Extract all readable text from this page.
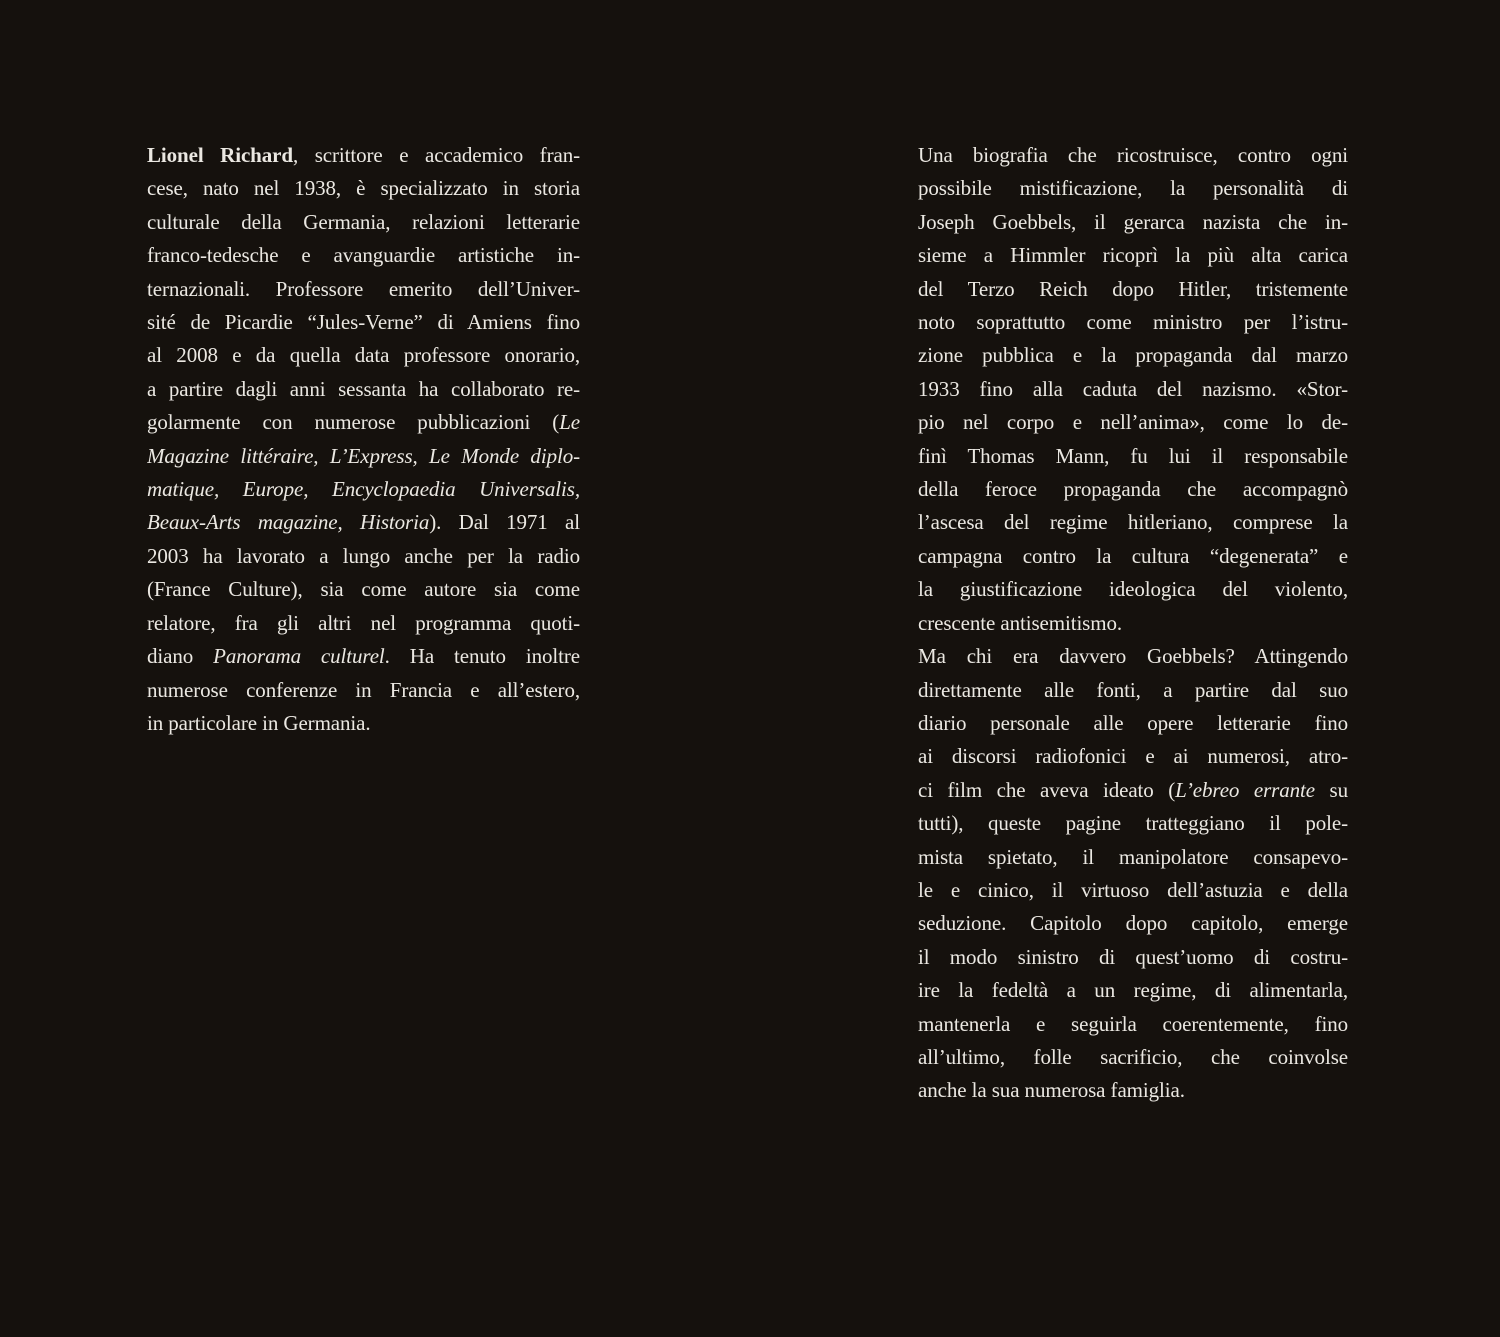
Lionel Richard, scrittore e accademico fran-
cese, nato nel 1938, è specializzato in storia
culturale della Germania, relazioni letterarie
franco-tedesche e avanguardie artistiche in-
ternazionali. Professore emerito dell’Univer-
sité de Picardie “Jules-Verne” di Amiens fino
al 2008 e da quella data professore onorario,
a partire dagli anni sessanta ha collaborato re-
golarmente con numerose pubblicazioni (Le
Magazine littéraire, L’Express, Le Monde diplo-
matique, Europe, Encyclopaedia Universalis,
Beaux-Arts magazine, Historia). Dal 1971 al
2003 ha lavorato a lungo anche per la radio
(France Culture), sia come autore sia come
relatore, fra gli altri nel programma quoti-
diano Panorama culturel. Ha tenuto inoltre
numerose conferenze in Francia e all’estero,
in particolare in Germania.
Una biografia che ricostruisce, contro ogni
possibile mistificazione, la personalità di
Joseph Goebbels, il gerarca nazista che in-
sieme a Himmler ricoprì la più alta carica
del Terzo Reich dopo Hitler, tristemente
noto soprattutto come ministro per l’istru-
zione pubblica e la propaganda dal marzo
1933 fino alla caduta del nazismo. «Stor-
pio nel corpo e nell’anima», come lo de-
finì Thomas Mann, fu lui il responsabile
della feroce propaganda che accompagnò
l’ascesa del regime hitleriano, comprese la
campagna contro la cultura “degenerata” e
la giustificazione ideologica del violento,
crescente antisemitismo.
Ma chi era davvero Goebbels? Attingendo
direttamente alle fonti, a partire dal suo
diario personale alle opere letterarie fino
ai discorsi radiofonici e ai numerosi, atro-
ci film che aveva ideato (L’ebreo errante su
tutti), queste pagine tratteggiano il pole-
mista spietato, il manipolatore consapevo-
le e cinico, il virtuoso dell’astuzia e della
seduzione. Capitolo dopo capitolo, emerge
il modo sinistro di quest’uomo di costru-
ire la fedeltà a un regime, di alimentarla,
mantenerla e seguirla coerentemente, fino
all’ultimo, folle sacrificio, che coinvolse
anche la sua numerosa famiglia.
